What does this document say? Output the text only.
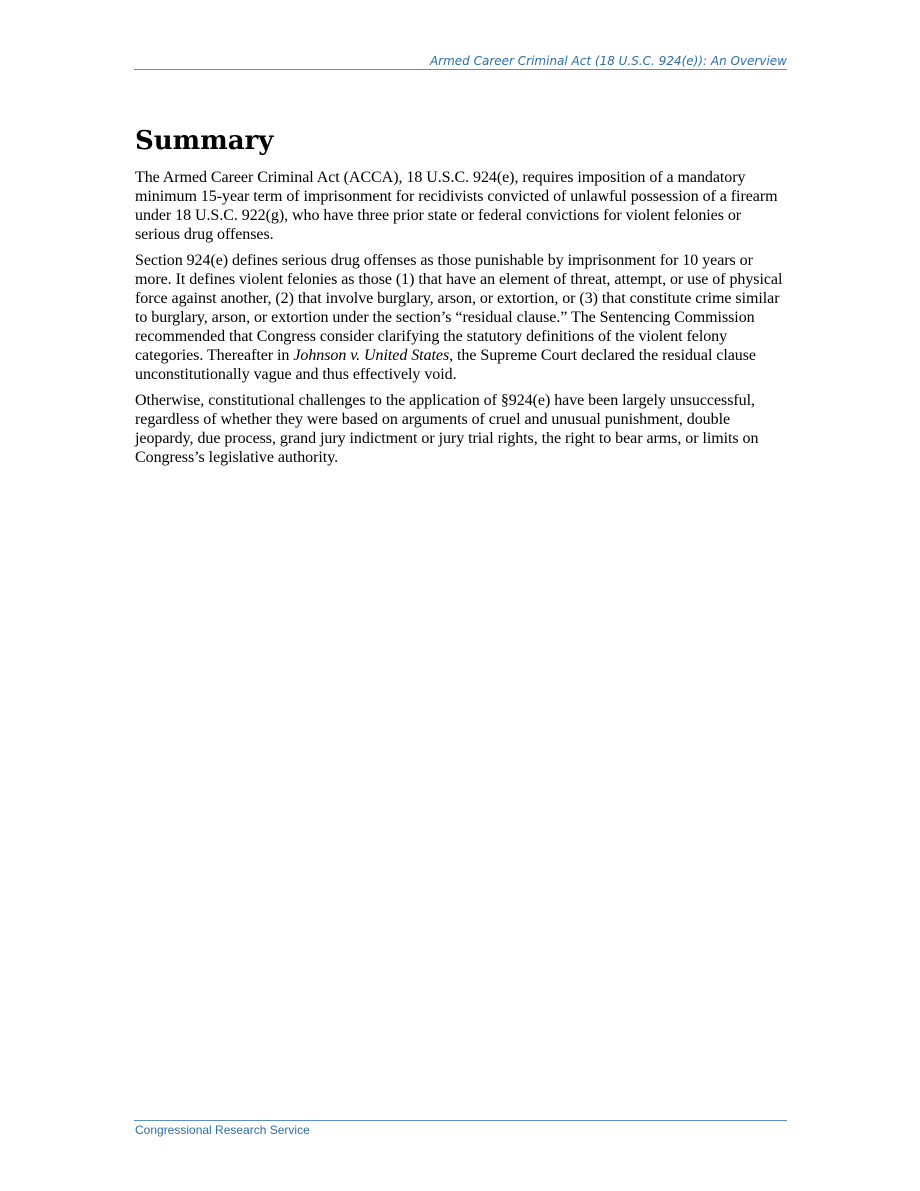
Armed Career Criminal Act (18 U.S.C. 924(e)): An Overview
Summary

The Armed Career Criminal Act (ACCA), 18 U.S.C. 924(e), requires imposition of a mandatory minimum 15-year term of imprisonment for recidivists convicted of unlawful possession of a firearm under 18 U.S.C. 922(g), who have three prior state or federal convictions for violent felonies or serious drug offenses.

Section 924(e) defines serious drug offenses as those punishable by imprisonment for 10 years or more. It defines violent felonies as those (1) that have an element of threat, attempt, or use of physical force against another, (2) that involve burglary, arson, or extortion, or (3) that constitute crime similar to burglary, arson, or extortion under the section’s “residual clause.” The Sentencing Commission recommended that Congress consider clarifying the statutory definitions of the violent felony categories. Thereafter in Johnson v. United States, the Supreme Court declared the residual clause unconstitutionally vague and thus effectively void.

Otherwise, constitutional challenges to the application of §924(e) have been largely unsuccessful, regardless of whether they were based on arguments of cruel and unusual punishment, double jeopardy, due process, grand jury indictment or jury trial rights, the right to bear arms, or limits on Congress’s legislative authority.

Congressional Research Service
